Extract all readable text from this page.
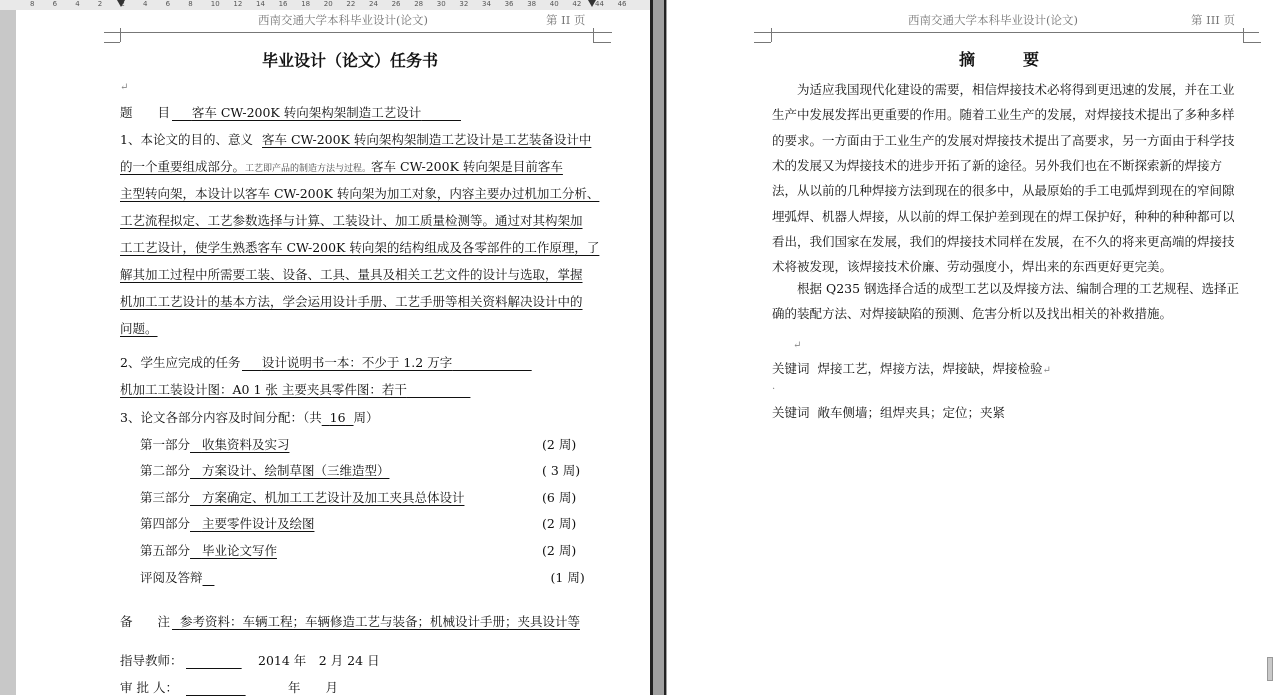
8	6	4	2	2	4	6	8	10 12 14 16 18 20 22 24 26 28 30 32 34 36 38 40 42 44 46
西南交通大学本科毕业设计(论文)	第 II 页
毕业设计（论文）任务书
↵
题　　目	客车 CW-200K 转向架构架制造工艺设计
1、本论文的目的、意义 客车 CW-200K 转向架构架制造工艺设计是工艺装备设计中
的一个重要组成部分。工艺即产品的制造方法与过程。客车 CW-200K 转向架是目前客车
主型转向架，本设计以客车 CW-200K 转向架为加工对象，内容主要办过机加工分析、
工艺流程拟定、工艺参数选择与计算、工装设计、加工质量检测等。通过对其构架加
工工艺设计，使学生熟悉客车 CW-200K 转向架的结构组成及各零部件的工作原理，了
解其加工过程中所需要工装、设备、工具、量具及相关工艺文件的设计与选取，掌握
机加工工艺设计的基本方法，学会运用设计手册、工艺手册等相关资料解决设计中的
问题。
2、学生应完成的任务	设计说明书一本：不少于 1.2 万字
机加工工装设计图：A0 1 张 主要夹具零件图：若干
3、论文各部分内容及时间分配：（共 16 周）
第一部分 收集资料及实习	(2 周)
第二部分 方案设计、绘制草图（三维造型）	( 3 周)
第三部分 方案确定、机加工工艺设计及加工夹具总体设计	(6 周)
第四部分 主要零件设计及绘图	(2 周)
第五部分 毕业论文写作	(2 周)
评阅及答辩	(1 周)
备　　注 参考资料：车辆工程；车辆修造工艺与装备；机械设计手册；夹具设计等
指导教师：
	2014 年　2 月 24 日
审 批 人：
	年　　月
西南交通大学本科毕业设计(论文)	第 III 页
摘　　　要
为适应我国现代化建设的需要，相信焊接技术必将得到更迅速的发展，并在工业
生产中发展发挥出更重要的作用。随着工业生产的发展，对焊接技术提出了多种多样
的要求。一方面由于工业生产的发展对焊接技术提出了高要求，另一方面由于科学技
术的发展又为焊接技术的进步开拓了新的途径。另外我们也在不断探索新的焊接方
法，从以前的几种焊接方法到现在的很多中，从最原始的手工电弧焊到现在的窄间隙
埋弧焊、机器人焊接，从以前的焊工保护差到现在的焊工保护好，种种的种种都可以
看出，我们国家在发展，我们的焊接技术同样在发展，在不久的将来更高端的焊接技
术将被发现，该焊接技术价廉、劳动强度小，焊出来的东西更好更完美。
根据 Q235 钢选择合适的成型工艺以及焊接方法、编制合理的工艺规程、选择正
确的装配方法、对焊接缺陷的预测、危害分析以及找出相关的补救措施。
↵
关键词 焊接工艺，焊接方法，焊接缺，焊接检验↵
·
关键词 敞车侧墙；组焊夹具；定位；夹紧
